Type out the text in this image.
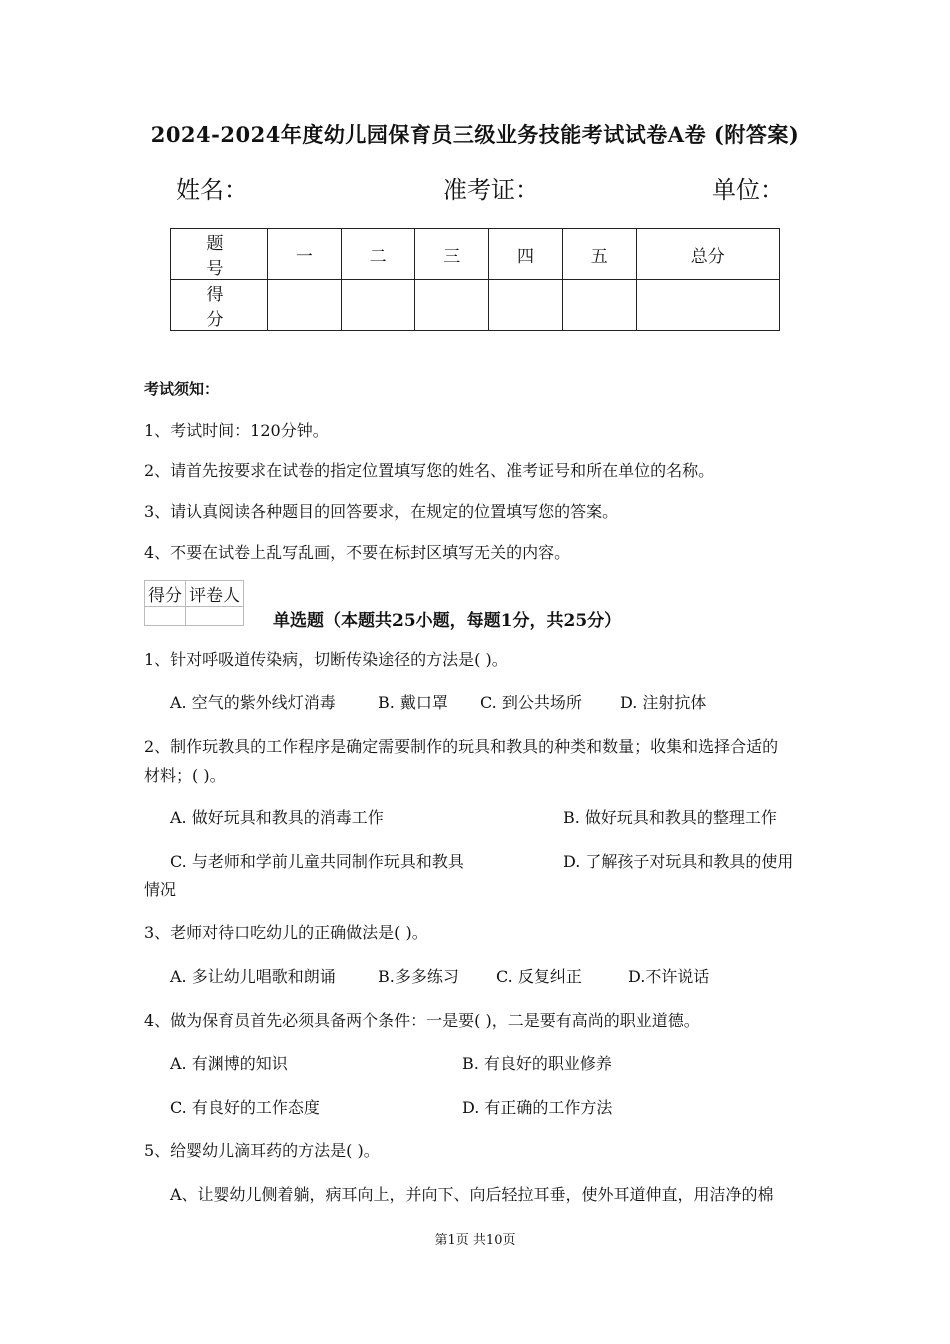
2024-2024年度幼儿园保育员三级业务技能考试试卷A卷 (附答案)
姓名：	准考证：	单位：
题 号	一	二	三	四	五	总分
得 分						
考试须知：
1、考试时间：120分钟。
2、请首先按要求在试卷的指定位置填写您的姓名、准考证号和所在单位的名称。
3、请认真阅读各种题目的回答要求，在规定的位置填写您的答案。
4、不要在试卷上乱写乱画，不要在标封区填写无关的内容。
得分	评卷人

单选题（本题共25小题，每题1分，共25分）
1、针对呼吸道传染病，切断传染途径的方法是( )。
A. 空气的紫外线灯消毒	B. 戴口罩 C. 到公共场所 D. 注射抗体
2、制作玩教具的工作程序是确定需要制作的玩具和教具的种类和数量；收集和选择合适的
材料；( )。
A. 做好玩具和教具的消毒工作	B. 做好玩具和教具的整理工作
C. 与老师和学前儿童共同制作玩具和教具	D. 了解孩子对玩具和教具的使用
情况
3、老师对待口吃幼儿的正确做法是( )。
A. 多让幼儿唱歌和朗诵	B.多多练习 C. 反复纠正	D.不许说话
4、做为保育员首先必须具备两个条件：一是要( )，二是要有高尚的职业道德。
A. 有渊博的知识	B. 有良好的职业修养
C. 有良好的工作态度	D. 有正确的工作方法
5、给婴幼儿滴耳药的方法是( )。
A、让婴幼儿侧着躺，病耳向上，并向下、向后轻拉耳垂，使外耳道伸直，用洁净的棉
第1页 共10页
